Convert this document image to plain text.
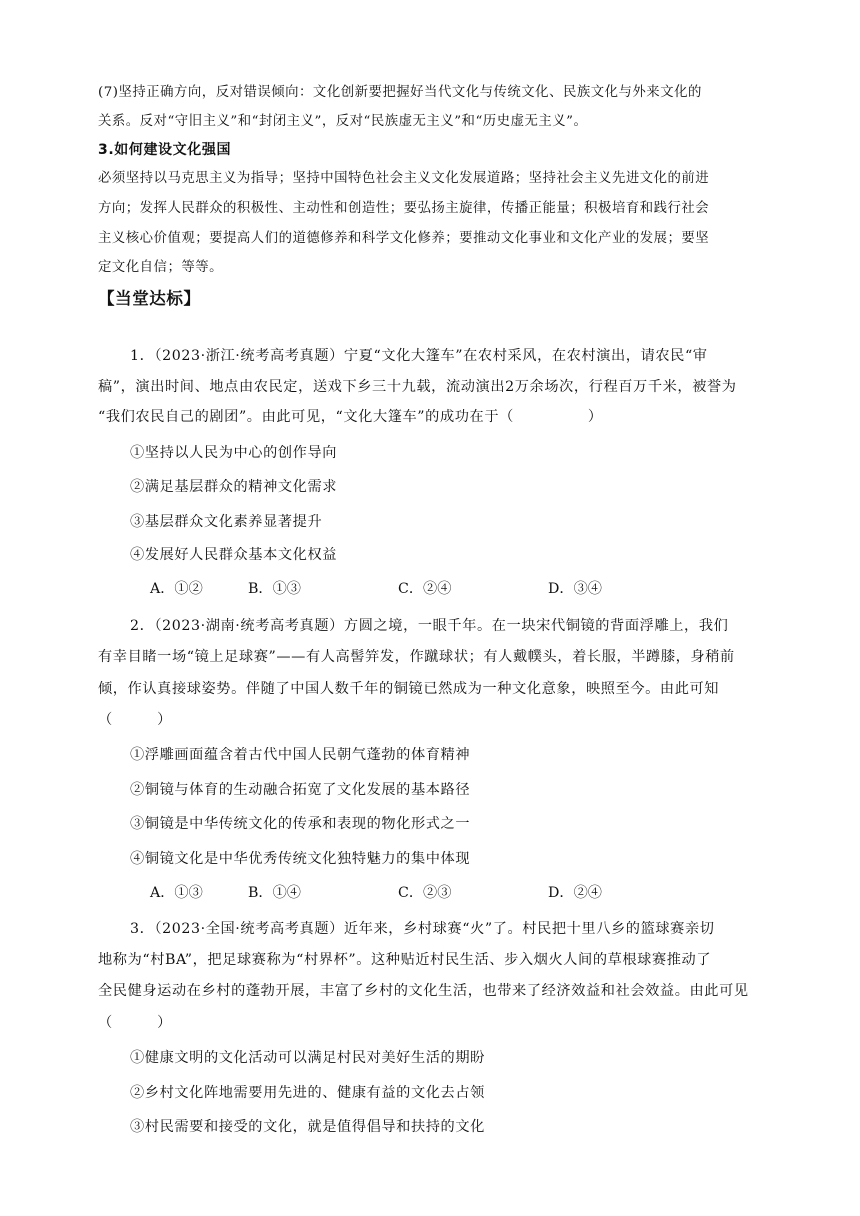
(7)坚持正确方向，反对错误倾向：文化创新要把握好当代文化与传统文化、民族文化与外来文化的
关系。反对“守旧主义”和“封闭主义”，反对“民族虚无主义”和“历史虚无主义”。
3.如何建设文化强国
必须坚持以马克思主义为指导；坚持中国特色社会主义文化发展道路；坚持社会主义先进文化的前进
方向；发挥人民群众的积极性、主动性和创造性；要弘扬主旋律，传播正能量；积极培育和践行社会
主义核心价值观；要提高人们的道德修养和科学文化修养；要推动文化事业和文化产业的发展；要坚
定文化自信；等等。
【当堂达标】
1．（2023·浙江·统考高考真题）宁夏“文化大篷车”在农村采风，在农村演出，请农民“审
稿”，演出时间、地点由农民定，送戏下乡三十九载，流动演出2万余场次，行程百万千米，被誉为
“我们农民自己的剧团”。由此可见，“文化大篷车”的成功在于（　　　　　）
①坚持以人民为中心的创作导向
②满足基层群众的精神文化需求
③基层群众文化素养显著提升
④发展好人民群众基本文化权益
A．①②	B．①③	C．②④	D．③④
2．（2023·湖南·统考高考真题）方圆之境，一眼千年。在一块宋代铜镜的背面浮雕上，我们
有幸目睹一场“镜上足球赛”——有人高髻笄发，作蹴球状；有人戴幞头，着长服，半蹲膝，身稍前
倾，作认真接球姿势。伴随了中国人数千年的铜镜已然成为一种文化意象，映照至今。由此可知
（　　　）
①浮雕画面蕴含着古代中国人民朝气蓬勃的体育精神
②铜镜与体育的生动融合拓宽了文化发展的基本路径
③铜镜是中华传统文化的传承和表现的物化形式之一
④铜镜文化是中华优秀传统文化独特魅力的集中体现
A．①③	B．①④	C．②③	D．②④
3．（2023·全国·统考高考真题）近年来，乡村球赛“火”了。村民把十里八乡的篮球赛亲切
地称为“村BA”，把足球赛称为“村界杯”。这种贴近村民生活、步入烟火人间的草根球赛推动了
全民健身运动在乡村的蓬勃开展，丰富了乡村的文化生活，也带来了经济效益和社会效益。由此可见
（　　　）
①健康文明的文化活动可以满足村民对美好生活的期盼
②乡村文化阵地需要用先进的、健康有益的文化去占领
③村民需要和接受的文化，就是值得倡导和扶持的文化
